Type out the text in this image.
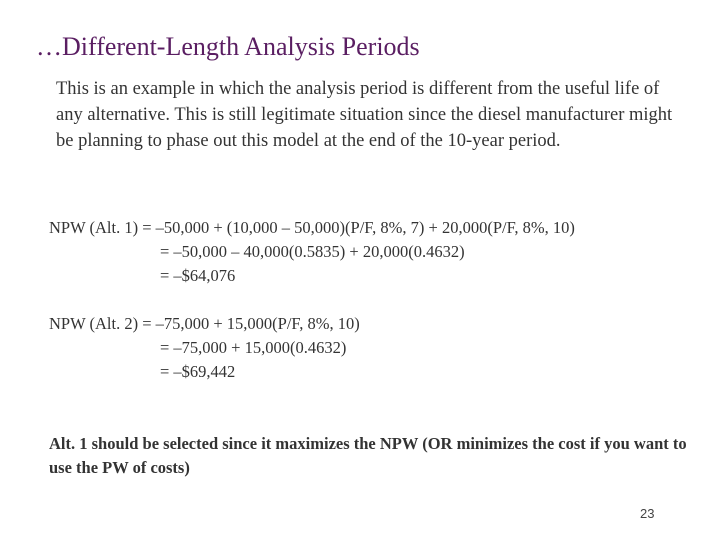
…Different-Length Analysis Periods

This is an example in which the analysis period is different from the useful life of any alternative. This is still legitimate situation since the diesel manufacturer might be planning to phase out this model at the end of the 10-year period.

NPW (Alt. 1) = –50,000 + (10,000 – 50,000)(P/F, 8%, 7) + 20,000(P/F, 8%, 10)
= –50,000 – 40,000(0.5835) + 20,000(0.4632)
= –$64,076
NPW (Alt. 2) = –75,000 + 15,000(P/F, 8%, 10)
= –75,000 + 15,000(0.4632)
= –$69,442

Alt. 1 should be selected since it maximizes the NPW (OR minimizes the cost if you want to use the PW of costs)

23
